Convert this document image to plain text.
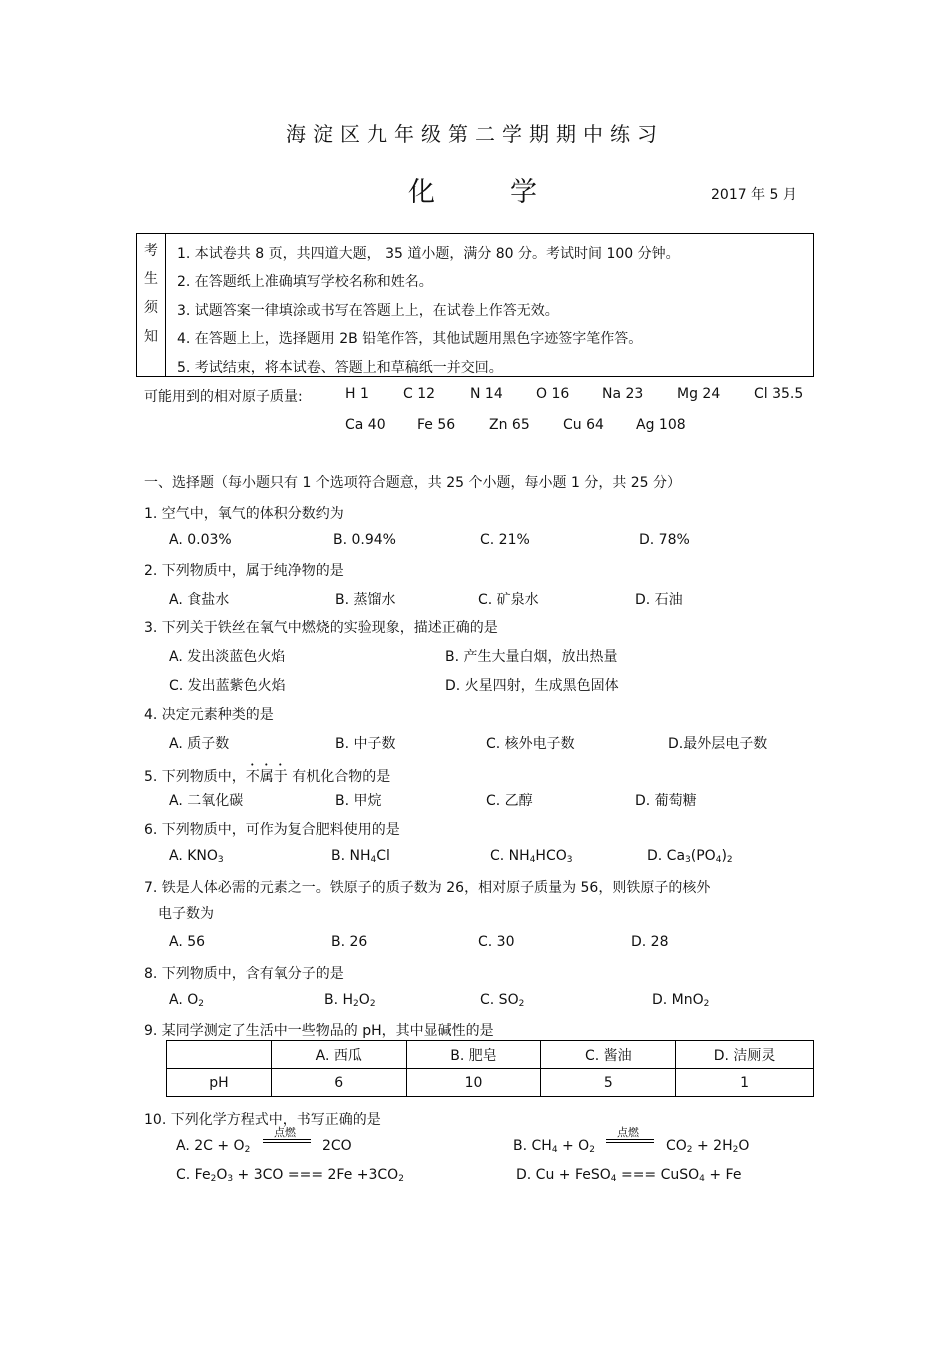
海淀区九年级第二学期期中练习
化	学	2017 年 5 月
考
生
须
知
1. 本试卷共 8 页，共四道大题， 35 道小题，满分 80 分。考试时间 100 分钟。
2. 在答题纸上准确填写学校名称和姓名。
3. 试题答案一律填涂或书写在答题上上，在试卷上作答无效。
4. 在答题上上，选择题用 2B 铅笔作答，其他试题用黑色字迹签字笔作答。
5. 考试结束，将本试卷、答题上和草稿纸一并交回。
可能用到的相对原子质量:	H 1 C 12 N 14 O 16 Na 23 Mg 24 Cl 35.5
Ca 40 Fe 56 Zn 65 Cu 64 Ag 108
一、选择题（每小题只有 1 个选项符合题意，共 25 个小题，每小题 1 分，共 25 分）
1. 空气中，氧气的体积分数约为
A. 0.03%	B. 0.94%	C. 21%	D. 78%
2. 下列物质中，属于纯净物的是
A. 食盐水	B. 蒸馏水	C. 矿泉水	D. 石油
3. 下列关于铁丝在氧气中燃烧的实验现象，描述正确的是
A. 发出淡蓝色火焰	B. 产生大量白烟，放出热量
C. 发出蓝紫色火焰	D. 火星四射，生成黑色固体
4. 决定元素种类的是
A. 质子数	B. 中子数	C. 核外电子数	D.最外层电子数
5. 下列物质中，不属于 有机化合物的是
A. 二氧化碳	B. 甲烷	C. 乙醇	D. 葡萄糖
6. 下列物质中，可作为复合肥料使用的是
A. $KNO_3$	B. $NH_4Cl$	C. $NH_4HCO_3$	D. $Ca_3(PO_4)_2$
7. 铁是人体必需的元素之一。铁原子的质子数为 26，相对原子质量为 56，则铁原子的核外
电子数为
A. 56	B. 26	C. 30	D. 28
8. 下列物质中，含有氧分子的是
A. $O_2$	B. $H_2O_2$	C. $SO_2$	D. MnO$_2$
9. 某同学测定了生活中一些物品的 pH，其中显碱性的是
	A. 西瓜	B. 肥皂	C. 酱油	D. 洁厕灵
pH	6	10	5	1
10. 下列化学方程式中，书写正确的是
A. $2C + O_2$
点燃
2CO	B. $CH_4 + O_2$
点燃
$CO_2 + 2H_2O$
C. $Fe_2O_3 + 3CO$ === $2Fe +3CO_2$	D. Cu + FeSO$_4$ === CuSO$_4$ + Fe
